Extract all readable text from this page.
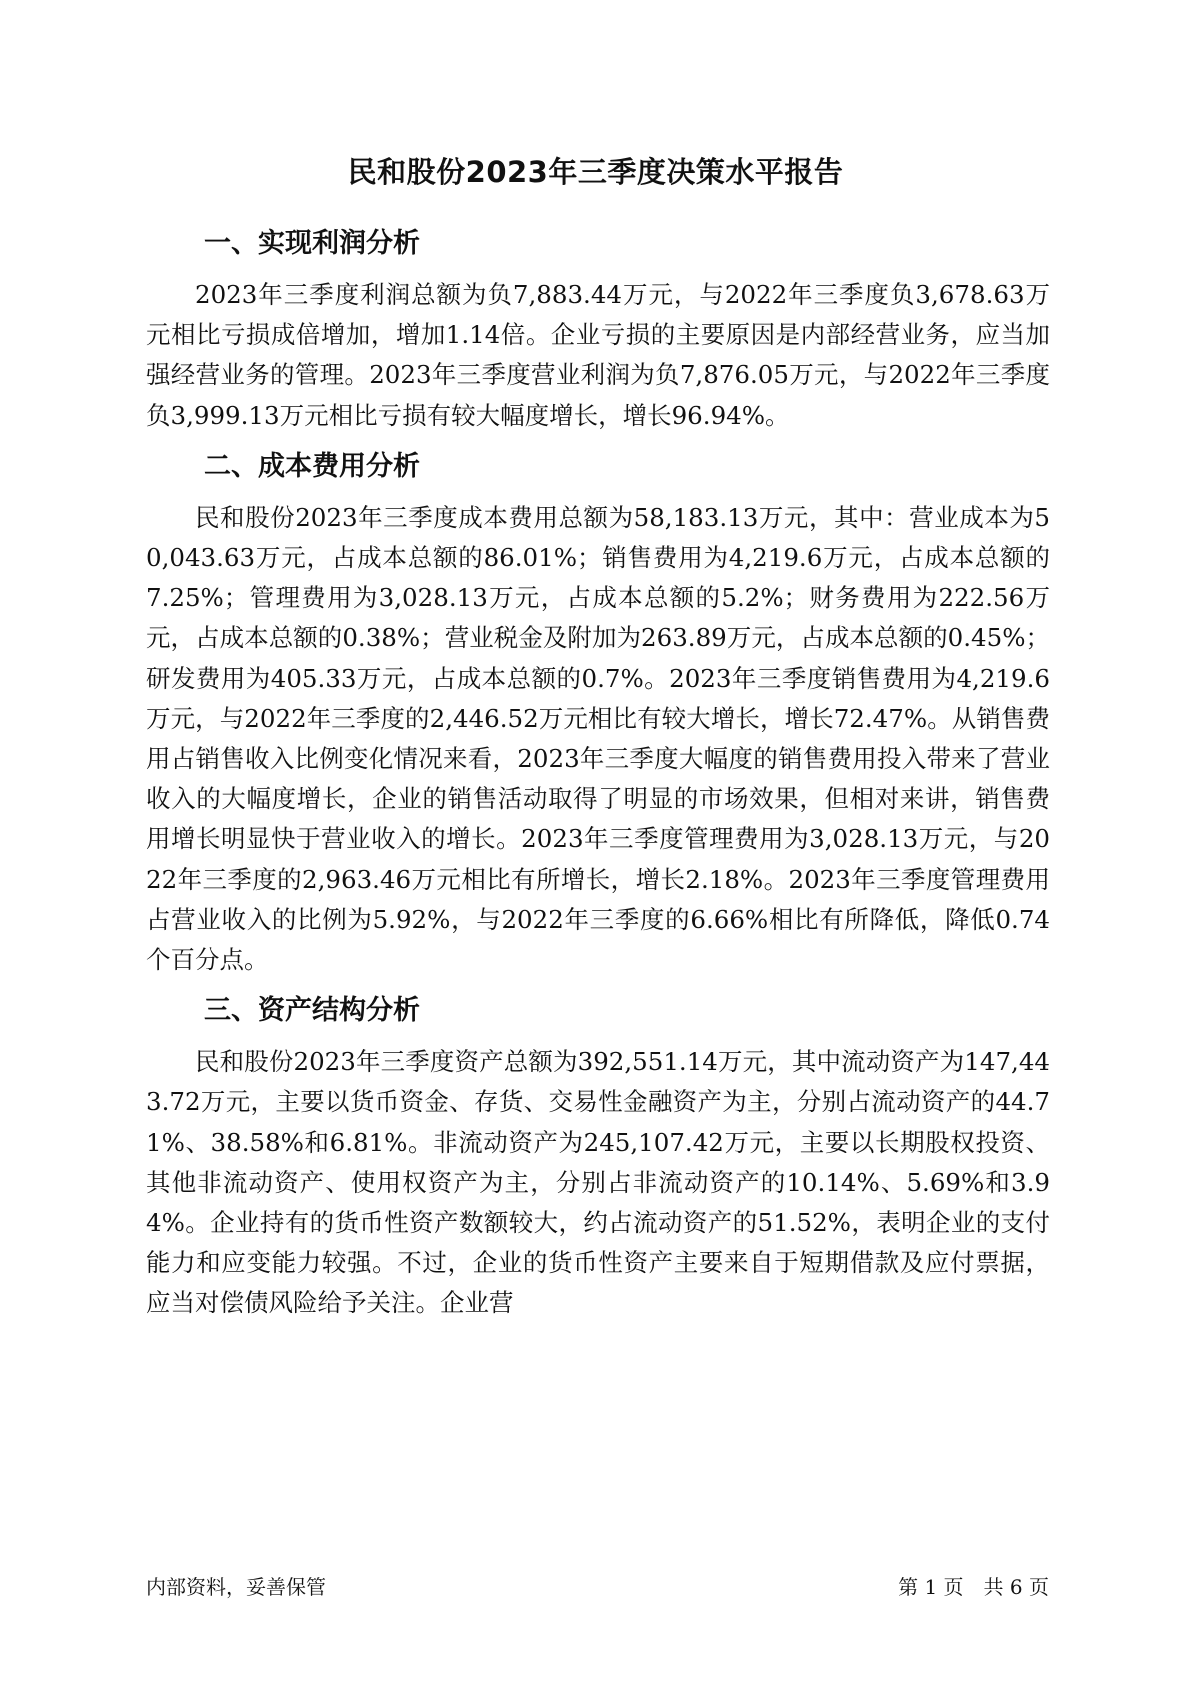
民和股份2023年三季度决策水平报告
一、实现利润分析

2023年三季度利润总额为负7,883.44万元，与2022年三季度负3,678.63万元相比亏损成倍增加，增加1.14倍。企业亏损的主要原因是内部经营业务，应当加强经营业务的管理。2023年三季度营业利润为负7,876.05万元，与2022年三季度负3,999.13万元相比亏损有较大幅度增长，增长96.94%。

二、成本费用分析

民和股份2023年三季度成本费用总额为58,183.13万元，其中：营业成本为50,043.63万元，占成本总额的86.01%；销售费用为4,219.6万元，占成本总额的7.25%；管理费用为3,028.13万元，占成本总额的5.2%；财务费用为222.56万元，占成本总额的0.38%；营业税金及附加为263.89万元，占成本总额的0.45%；研发费用为405.33万元，占成本总额的0.7%。2023年三季度销售费用为4,219.6万元，与2022年三季度的2,446.52万元相比有较大增长，增长72.47%。从销售费用占销售收入比例变化情况来看，2023年三季度大幅度的销售费用投入带来了营业收入的大幅度增长，企业的销售活动取得了明显的市场效果，但相对来讲，销售费用增长明显快于营业收入的增长。2023年三季度管理费用为3,028.13万元，与2022年三季度的2,963.46万元相比有所增长，增长2.18%。2023年三季度管理费用占营业收入的比例为5.92%，与2022年三季度的6.66%相比有所降低，降低0.74个百分点。

三、资产结构分析

民和股份2023年三季度资产总额为392,551.14万元，其中流动资产为147,443.72万元，主要以货币资金、存货、交易性金融资产为主，分别占流动资产的44.71%、38.58%和6.81%。非流动资产为245,107.42万元，主要以长期股权投资、其他非流动资产、使用权资产为主，分别占非流动资产的10.14%、5.69%和3.94%。企业持有的货币性资产数额较大，约占流动资产的51.52%，表明企业的支付能力和应变能力较强。不过，企业的货币性资产主要来自于短期借款及应付票据，应当对偿债风险给予关注。企业营

内部资料，妥善保管	第 1 页　共 6 页
